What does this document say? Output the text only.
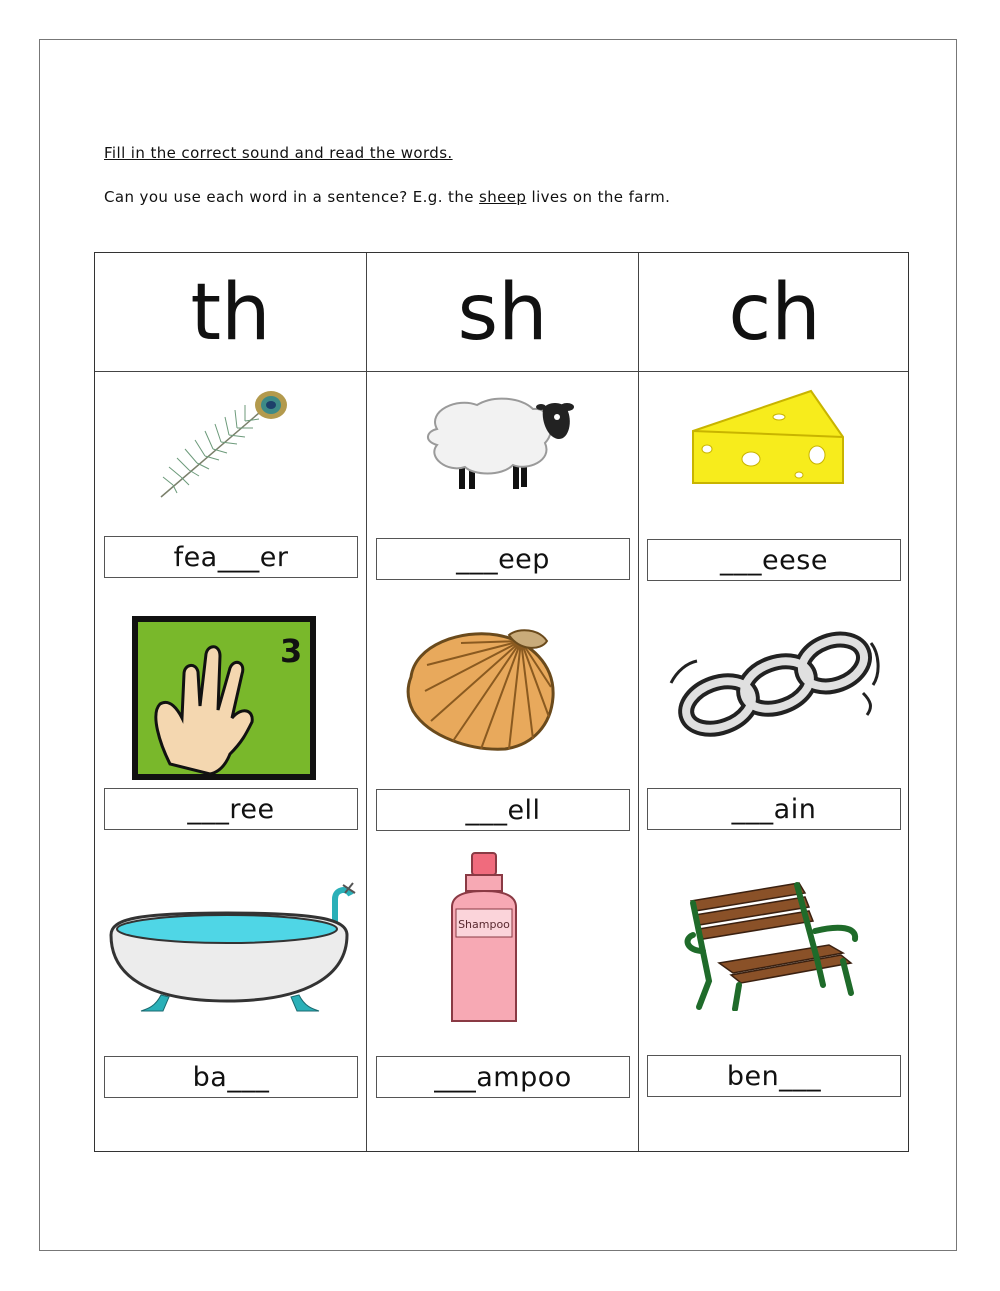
Fill in the correct sound and read the words.
Can you use each word in a sentence? E.g. the sheep lives on the farm.
th	sh	ch
fea___er	___eep	___eese
3
___ree	___ell	___ain
Shampoo
ba___	___ampoo	ben___
